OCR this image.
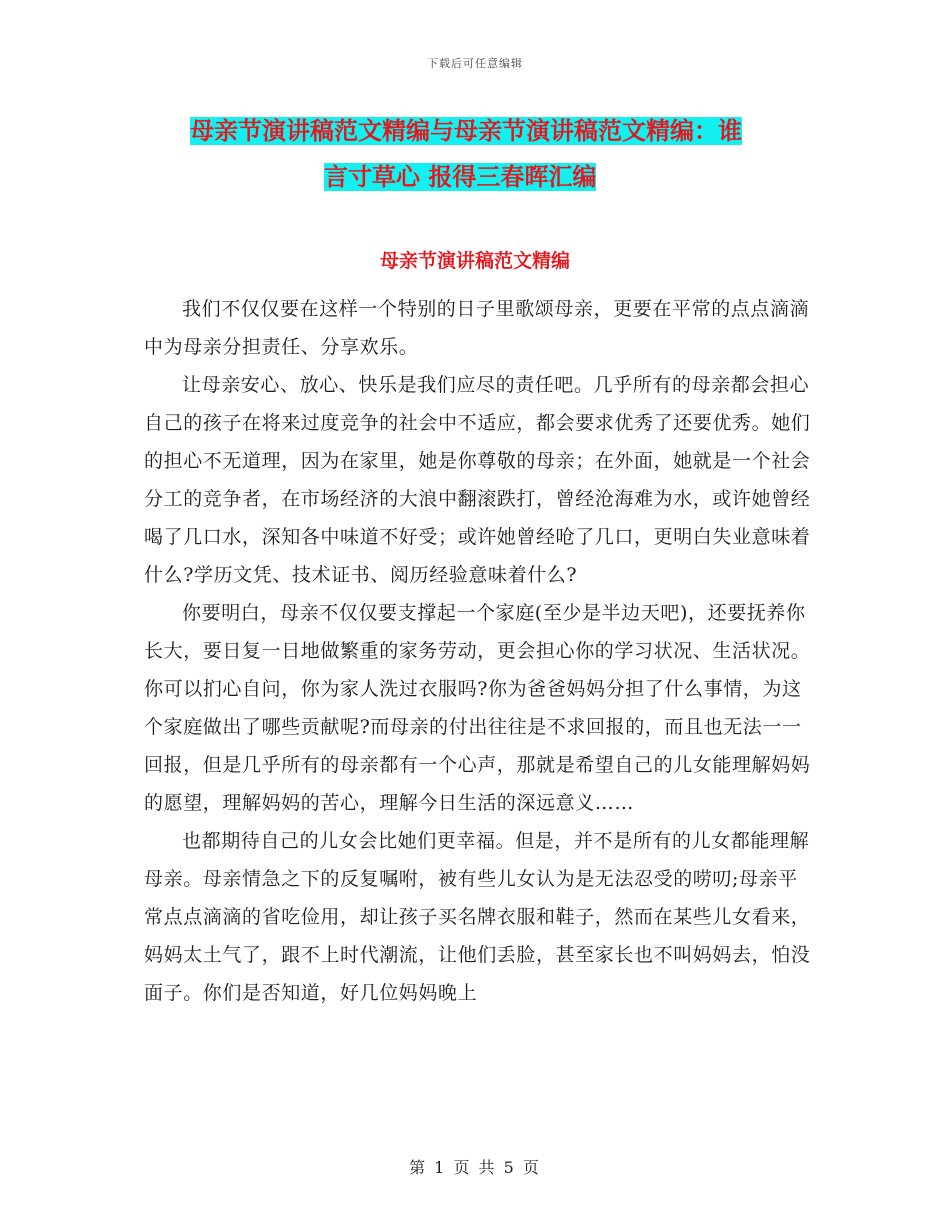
下载后可任意编辑
母亲节演讲稿范文精编与母亲节演讲稿范文精编：谁
言寸草心 报得三春晖汇编
母亲节演讲稿范文精编

我们不仅仅要在这样一个特别的日子里歌颂母亲，更要在平常的点点滴滴中为母亲分担责任、分享欢乐。

让母亲安心、放心、快乐是我们应尽的责任吧。几乎所有的母亲都会担心自己的孩子在将来过度竞争的社会中不适应，都会要求优秀了还要优秀。她们的担心不无道理，因为在家里，她是你尊敬的母亲；在外面，她就是一个社会分工的竞争者，在市场经济的大浪中翻滚跌打，曾经沧海难为水，或许她曾经喝了几口水，深知各中味道不好受；或许她曾经呛了几口，更明白失业意味着什么?学历文凭、技术证书、阅历经验意味着什么?

你要明白，母亲不仅仅要支撑起一个家庭(至少是半边天吧)，还要抚养你长大，要日复一日地做繁重的家务劳动，更会担心你的学习状况、生活状况。你可以扪心自问，你为家人洗过衣服吗?你为爸爸妈妈分担了什么事情，为这个家庭做出了哪些贡献呢?而母亲的付出往往是不求回报的，而且也无法一一回报，但是几乎所有的母亲都有一个心声，那就是希望自己的儿女能理解妈妈的愿望，理解妈妈的苦心，理解今日生活的深远意义……

也都期待自己的儿女会比她们更幸福。但是，并不是所有的儿女都能理解母亲。母亲情急之下的反复嘱咐，被有些儿女认为是无法忍受的唠叨;母亲平常点点滴滴的省吃俭用，却让孩子买名牌衣服和鞋子，然而在某些儿女看来，妈妈太土气了，跟不上时代潮流，让他们丢脸，甚至家长也不叫妈妈去，怕没面子。你们是否知道，好几位妈妈晚上

第 1 页 共 5 页
